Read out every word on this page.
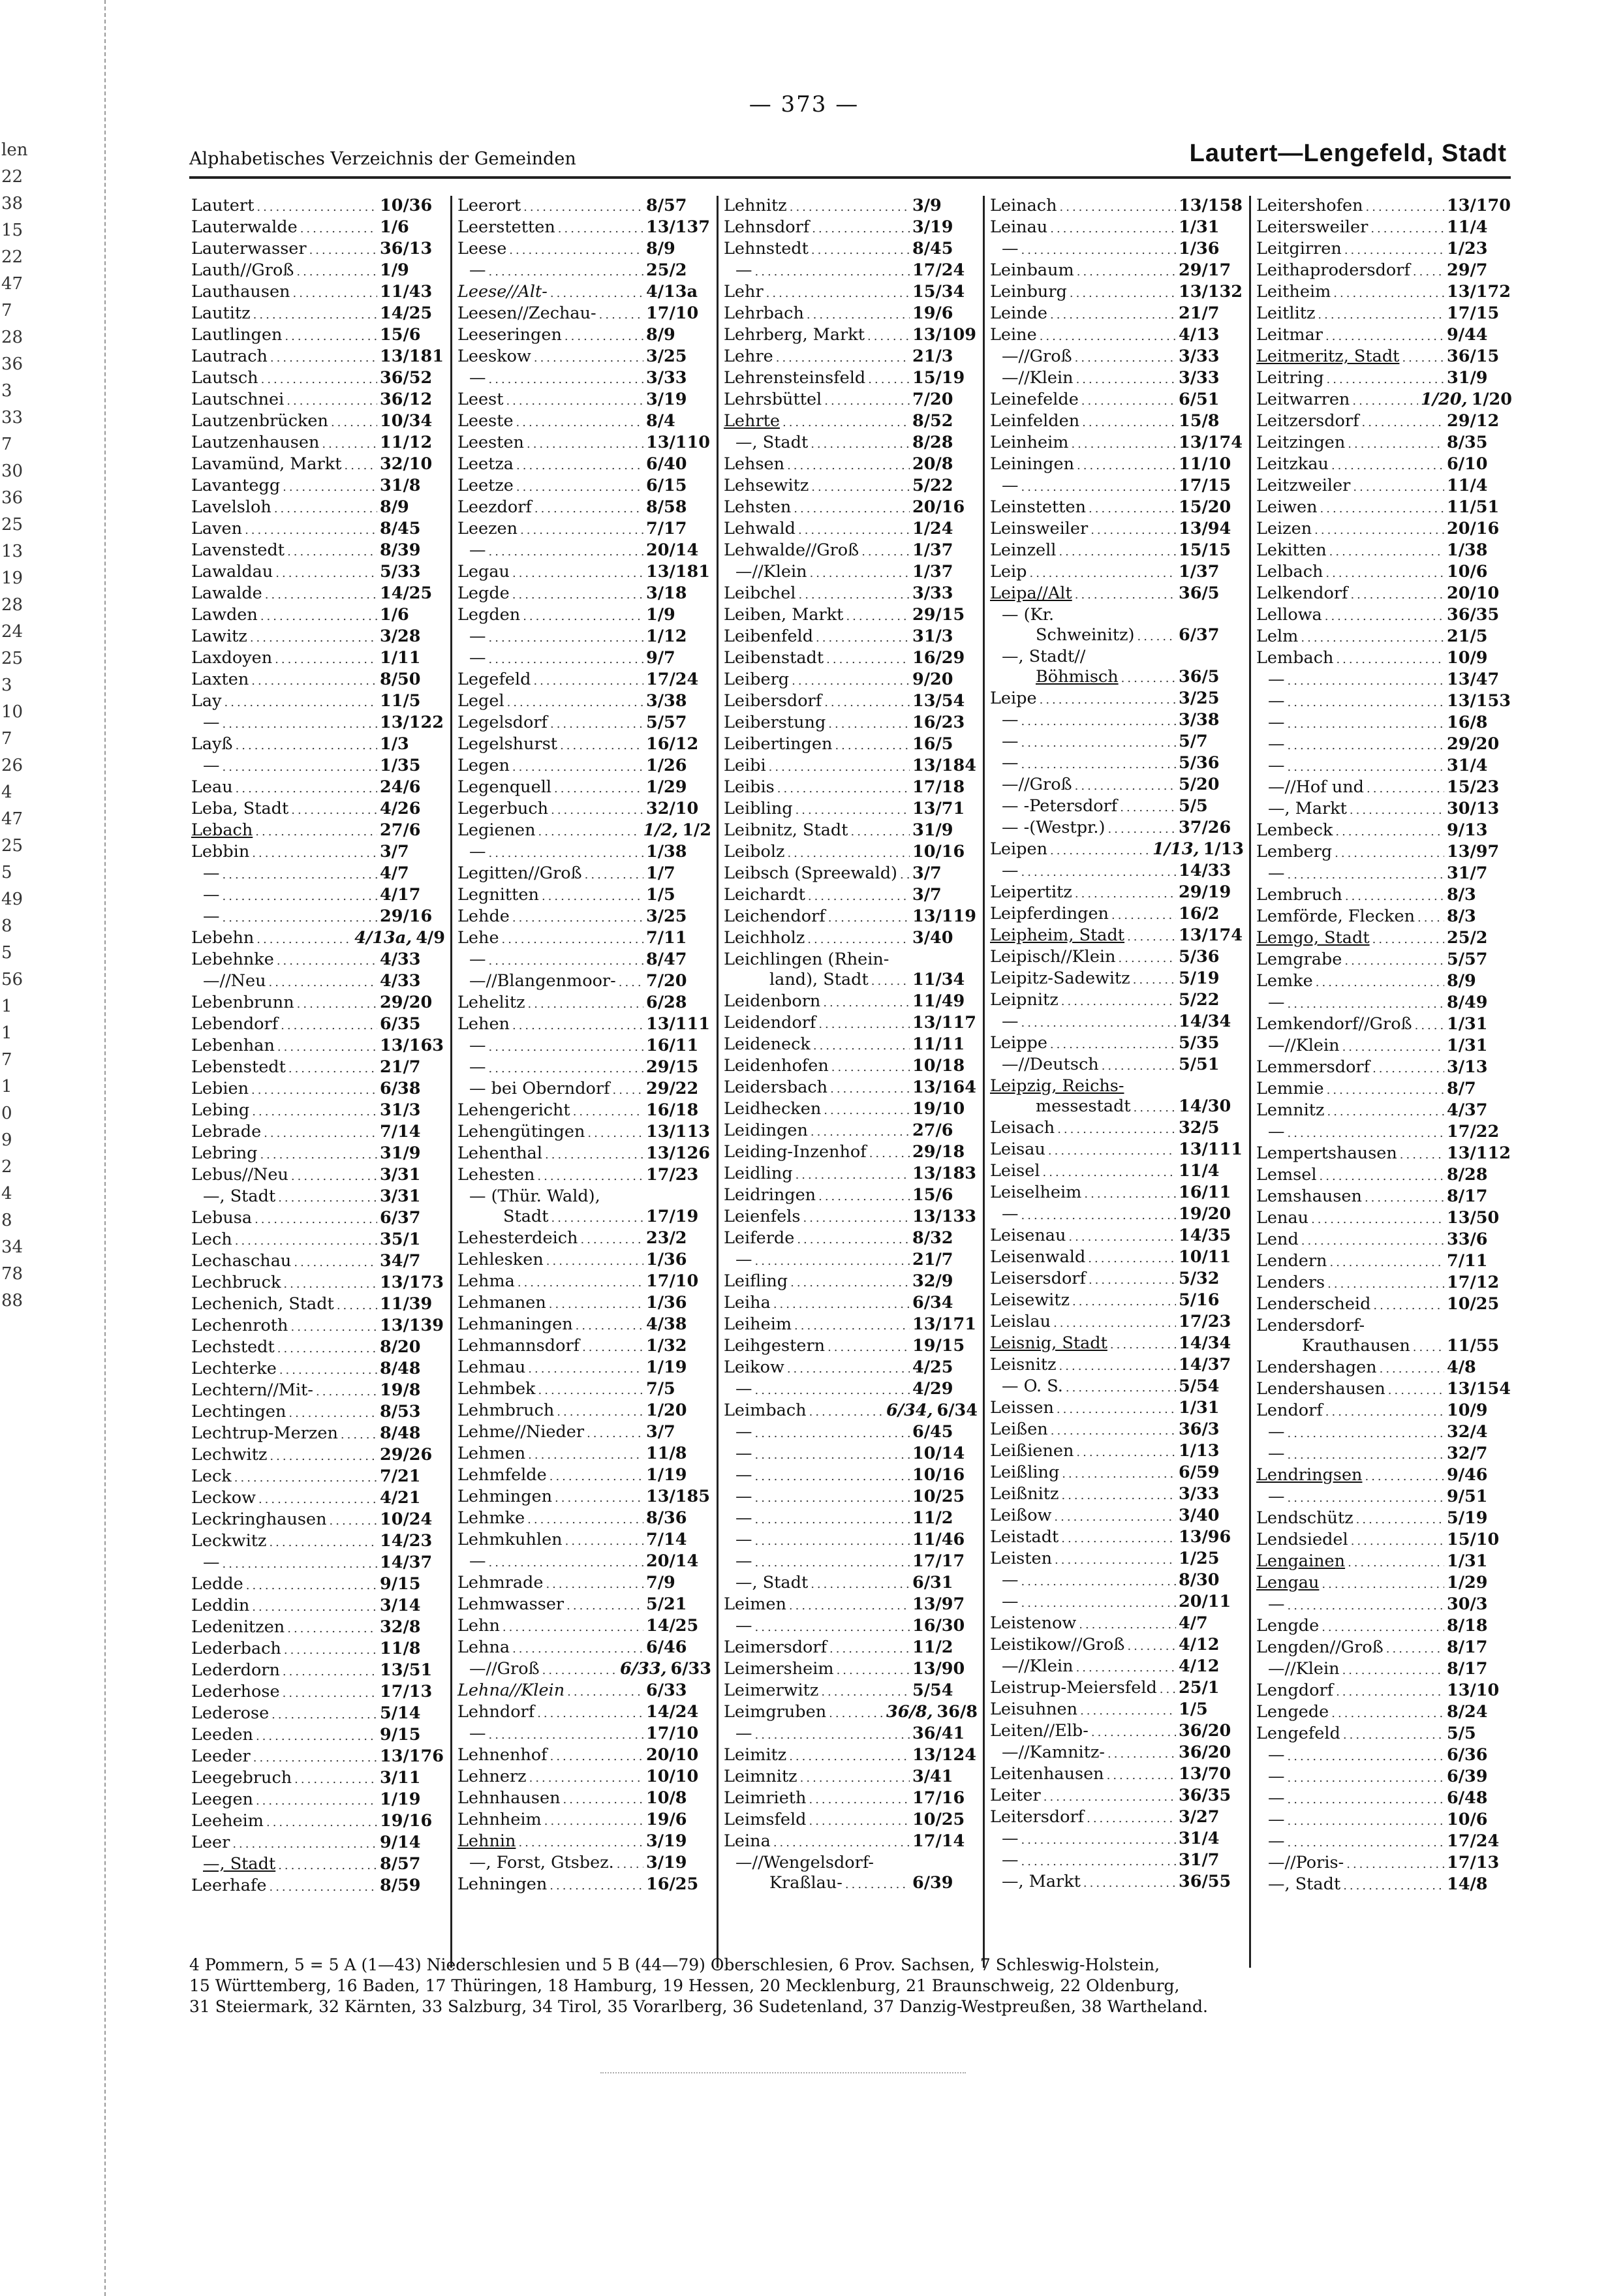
len
22
38
15
22
47
7
28
36
3
33
7
30
36
25
13
19
28
24
25
3
10
7
26
4
47
25
5
49
8
5
56
1
1
7
1
0
9
2
4
8
34
78
88
— 373 —
Alphabetisches Verzeichnis der Gemeinden	Lautert—Lengefeld, Stadt
Lautert .....	10/36
Lauterwalde .....	1/6
Lauterwasser .....	36/13
Lauth//Groß .....	1/9
Lauthausen .....	11/43
Lautitz .....	14/25
Lautlingen .....	15/6
Lautrach .....	13/181
Lautsch .....	36/52
Lautschnei .....	36/12
Lautzenbrücken .....	10/34
Lautzenhausen .....	11/12
Lavamünd, Markt ..... 32/10
Lavantegg .....	31/8
Lavelsloh .....	8/9
Laven .....	8/45
Lavenstedt .....	8/39
Lawaldau .....	5/33
Lawalde .....	14/25
Lawden .....	1/6
Lawitz .....	3/28
Laxdoyen .....	1/11
Laxten .....	8/50
Lay .....	11/5
— .....	13/122
Layß .....	1/3
— .....	1/35
Leau .....	24/6
Leba, Stadt .....	4/26
Lebach .....	27/6
Lebbin .....	3/7
— .....	4/7
— .....	4/17
— .....	29/16
Lebehn .....	4/13a, 4/9
Lebehnke .....	4/33
—//Neu .....	4/33
Lebenbrunn .....	29/20
Lebendorf .....	6/35
Lebenhan .....	13/163
Lebenstedt .....	21/7
Lebien .....	6/38
Lebing .....	31/3
Lebrade .....	7/14
Lebring .....	31/9
Lebus//Neu .....	3/31
—, Stadt .....	3/31
Lebusa .....	6/37
Lech .....	35/1
Lechaschau .....	34/7
Lechbruck .....	13/173
Lechenich, Stadt .....	11/39
Lechenroth .....	13/139
Lechstedt .....	8/20
Lechterke .....	8/48
Lechtern//Mit- .....	19/8
Lechtingen .....	8/53
Lechtrup-Merzen .....	8/48
Lechwitz .....	29/26
Leck .....	7/21
Leckow .....	4/21
Leckringhausen .....	10/24
Leckwitz .....	14/23
— .....	14/37
Ledde .....	9/15
Leddin .....	3/14
Ledenitzen .....	32/8
Lederbach .....	11/8
Lederdorn .....	13/51
Lederhose .....	17/13
Lederose .....	5/14
Leeden .....	9/15
Leeder .....	13/176
Leegebruch .....	3/11
Leegen .....	1/19
Leeheim .....	19/16
Leer .....	9/14
—, Stadt .....	8/57
Leerhafe .....	8/59
Leerort .....	8/57
Leerstetten .....	13/137
Leese .....	8/9
— .....	25/2
Leese//Alt- .....	4/13a
Leesen//Zechau- .....	17/10
Leeseringen .....	8/9
Leeskow .....	3/25
— .....	3/33
Leest .....	3/19
Leeste .....	8/4
Leesten .....	13/110
Leetza .....	6/40
Leetze .....	6/15
Leezdorf .....	8/58
Leezen .....	7/17
— .....	20/14
Legau .....	13/181
Legde .....	3/18
Legden .....	1/9
— .....	1/12
— .....	9/7
Legefeld .....	17/24
Legel .....	3/38
Legelsdorf .....	5/57
Legelshurst .....	16/12
Legen .....	1/26
Legenquell .....	1/29
Legerbuch .....	32/10
Legienen .....	1/2, 1/2
— .....	1/38
Legitten//Groß .....	1/7
Legnitten .....	1/5
Lehde .....	3/25
Lehe .....	7/11
— .....	8/47
—//Blangenmoor- ..... 7/20
Lehelitz .....	6/28
Lehen .....	13/111
— .....	16/11
— .....	29/15
— bei Oberndorf ..... 29/22
Lehengericht .....	16/18
Lehengütingen .....	13/113
Lehenthal .....	13/126
Lehesten .....	17/23
— (Thür. Wald),
Stadt .....	17/19
Lehesterdeich .....	23/2
Lehlesken .....	1/36
Lehma .....	17/10
Lehmanen .....	1/36
Lehmaningen .....	4/38
Lehmannsdorf .....	1/32
Lehmau .....	1/19
Lehmbek .....	7/5
Lehmbruch .....	1/20
Lehme//Nieder .....	3/7
Lehmen .....	11/8
Lehmfelde .....	1/19
Lehmingen .....	13/185
Lehmke .....	8/36
Lehmkuhlen .....	7/14
— .....	20/14
Lehmrade .....	7/9
Lehmwasser .....	5/21
Lehn .....	14/25
Lehna .....	6/46
—//Groß .....	6/33, 6/33
Lehna//Klein .....	6/33
Lehndorf .....	14/24
— .....	17/10
Lehnenhof .....	20/10
Lehnerz .....	10/10
Lehnhausen .....	10/8
Lehnheim .....	19/6
Lehnin .....	3/19
—, Forst, Gtsbez. ..... 3/19
Lehningen .....	16/25
Lehnitz .....	3/9
Lehnsdorf .....	3/19
Lehnstedt .....	8/45
— .....	17/24
Lehr .....	15/34
Lehrbach .....	19/6
Lehrberg, Markt .....	13/109
Lehre .....	21/3
Lehrensteinsfeld .....	15/19
Lehrsbüttel .....	7/20
Lehrte .....	8/52
—, Stadt .....	8/28
Lehsen .....	20/8
Lehsewitz .....	5/22
Lehsten .....	20/16
Lehwald .....	1/24
Lehwalde//Groß .....	1/37
—//Klein .....	1/37
Leibchel .....	3/33
Leiben, Markt .....	29/15
Leibenfeld .....	31/3
Leibenstadt .....	16/29
Leiberg .....	9/20
Leibersdorf .....	13/54
Leiberstung .....	16/23
Leibertingen .....	16/5
Leibi .....	13/184
Leibis .....	17/18
Leibling .....	13/71
Leibnitz, Stadt .....	31/9
Leibolz .....	10/16
Leibsch (Spreewald) ..... 3/7
Leichardt .....	3/7
Leichendorf .....	13/119
Leichholz .....	3/40
Leichlingen (Rhein-
land), Stadt .....	11/34
Leidenborn .....	11/49
Leidendorf .....	13/117
Leideneck .....	11/11
Leidenhofen .....	10/18
Leidersbach .....	13/164
Leidhecken .....	19/10
Leidingen .....	27/6
Leiding-Inzenhof .....	29/18
Leidling .....	13/183
Leidringen .....	15/6
Leienfels .....	13/133
Leiferde .....	8/32
— .....	21/7
Leifling .....	32/9
Leiha .....	6/34
Leiheim .....	13/171
Leihgestern .....	19/15
Leikow .....	4/25
— .....	4/29
Leimbach .....	6/34, 6/34
— .....	6/45
— .....	10/14
— .....	10/16
— .....	10/25
— .....	11/2
— .....	11/46
— .....	17/17
—, Stadt .....	6/31
Leimen .....	13/97
— .....	16/30
Leimersdorf .....	11/2
Leimersheim .....	13/90
Leimerwitz .....	5/54
Leimgruben .....	36/8, 36/8
— .....	36/41
Leimitz .....	13/124
Leimnitz .....	3/41
Leimrieth .....	17/16
Leimsfeld .....	10/25
Leina .....	17/14
—//Wengelsdorf-
Kraßlau- .....	6/39
Leinach .....	13/158
Leinau .....	1/31
— .....	1/36
Leinbaum .....	29/17
Leinburg .....	13/132
Leinde .....	21/7
Leine .....	4/13
—//Groß .....	3/33
—//Klein .....	3/33
Leinefelde .....	6/51
Leinfelden .....	15/8
Leinheim .....	13/174
Leiningen .....	11/10
— .....	17/15
Leinstetten .....	15/20
Leinsweiler .....	13/94
Leinzell .....	15/15
Leip .....	1/37
Leipa//Alt .....	36/5
— (Kr.
Schweinitz) .....	6/37
—, Stadt//
Böhmisch .....	36/5
Leipe .....	3/25
— .....	3/38
— .....	5/7
— .....	5/36
—//Groß .....	5/20
— -Petersdorf .....	5/5
— -(Westpr.) .....	37/26
Leipen .....	1/13, 1/13
— .....	14/33
Leipertitz .....	29/19
Leipferdingen .....	16/2
Leipheim, Stadt .....	13/174
Leipisch//Klein .....	5/36
Leipitz-Sadewitz .....	5/19
Leipnitz .....	5/22
— .....	14/34
Leippe .....	5/35
—//Deutsch .....	5/51
Leipzig, Reichs-
messestadt .....	14/30
Leisach .....	32/5
Leisau .....	13/111
Leisel .....	11/4
Leiselheim .....	16/11
— .....	19/20
Leisenau .....	14/35
Leisenwald .....	10/11
Leisersdorf .....	5/32
Leisewitz .....	5/16
Leislau .....	17/23
Leisnig, Stadt .....	14/34
Leisnitz .....	14/37
— O. S. .....	5/54
Leissen .....	1/31
Leißen .....	36/3
Leißienen .....	1/13
Leißling .....	6/59
Leißnitz .....	3/33
Leißow .....	3/40
Leistadt .....	13/96
Leisten .....	1/25
— .....	8/30
— .....	20/11
Leistenow .....	4/7
Leistikow//Groß .....	4/12
—//Klein .....	4/12
Leistrup-Meiersfeld ..... 25/1
Leisuhnen .....	1/5
Leiten//Elb- .....	36/20
—//Kamnitz- .....	36/20
Leitenhausen .....	13/70
Leiter .....	36/35
Leitersdorf .....	3/27
— .....	31/4
— .....	31/7
—, Markt .....	36/55
Leitershofen .....	13/170
Leitersweiler .....	11/4
Leitgirren .....	1/23
Leithaprodersdorf ..... 29/7
Leitheim .....	13/172
Leitlitz .....	17/15
Leitmar .....	9/44
Leitmeritz, Stadt .....	36/15
Leitring .....	31/9
Leitwarren .....	1/20, 1/20
Leitzersdorf .....	29/12
Leitzingen .....	8/35
Leitzkau .....	6/10
Leitzweiler .....	11/4
Leiwen .....	11/51
Leizen .....	20/16
Lekitten .....	1/38
Lelbach .....	10/6
Lelkendorf .....	20/10
Lellowa .....	36/35
Lelm .....	21/5
Lembach .....	10/9
— .....	13/47
— .....	13/153
— .....	16/8
— .....	29/20
— .....	31/4
—//Hof und .....	15/23
—, Markt .....	30/13
Lembeck .....	9/13
Lemberg .....	13/97
— .....	31/7
Lembruch .....	8/3
Lemförde, Flecken ..... 8/3
Lemgo, Stadt .....	25/2
Lemgrabe .....	5/57
Lemke .....	8/9
— .....	8/49
Lemkendorf//Groß ..... 1/31
—//Klein .....	1/31
Lemmersdorf .....	3/13
Lemmie .....	8/7
Lemnitz .....	4/37
— .....	17/22
Lempertshausen .....	13/112
Lemsel .....	8/28
Lemshausen .....	8/17
Lenau .....	13/50
Lend .....	33/6
Lendern .....	7/11
Lenders .....	17/12
Lenderscheid .....	10/25
Lendersdorf-
Krauthausen ..... 11/55
Lendershagen .....	4/8
Lendershausen .....	13/154
Lendorf .....	10/9
— .....	32/4
— .....	32/7
Lendringsen .....	9/46
— .....	9/51
Lendschütz .....	5/19
Lendsiedel .....	15/10
Lengainen .....	1/31
Lengau .....	1/29
— .....	30/3
Lengde .....	8/18
Lengden//Groß .....	8/17
—//Klein .....	8/17
Lengdorf .....	13/10
Lengede .....	8/24
Lengefeld .....	5/5
— .....	6/36
— .....	6/39
— .....	6/48
— .....	10/6
— .....	17/24
—//Poris- .....	17/13
—, Stadt .....	14/8

4 Pommern, 5 = 5 A (1—43) Niederschlesien und 5 B (44—79) Oberschlesien, 6 Prov. Sachsen, 7 Schleswig-Holstein,

15 Württemberg, 16 Baden, 17 Thüringen, 18 Hamburg, 19 Hessen, 20 Mecklenburg, 21 Braunschweig, 22 Oldenburg,

31 Steiermark, 32 Kärnten, 33 Salzburg, 34 Tirol, 35 Vorarlberg, 36 Sudetenland, 37 Danzig-Westpreußen, 38 Wartheland.
